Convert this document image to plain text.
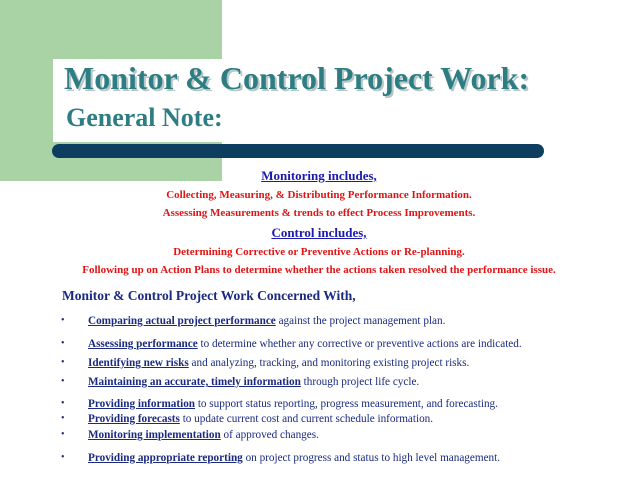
Monitor & Control Project Work:
General Note:
Monitoring includes,
Collecting, Measuring, & Distributing Performance Information.
Assessing Measurements & trends to effect Process Improvements.
Control includes,
Determining Corrective or Preventive Actions or Re-planning.
Following up on Action Plans to determine whether the actions taken resolved the performance issue.

Monitor & Control Project Work Concerned With,

• Comparing actual project performance against the project management plan.
• Assessing performance to determine whether any corrective or preventive actions are indicated.
• Identifying new risks and analyzing, tracking, and monitoring existing project risks.
• Maintaining an accurate, timely information through project life cycle.
• Providing information to support status reporting, progress measurement, and forecasting.
• Providing forecasts to update current cost and current schedule information.
• Monitoring implementation of approved changes.
• Providing appropriate reporting on project progress and status to high level management.
